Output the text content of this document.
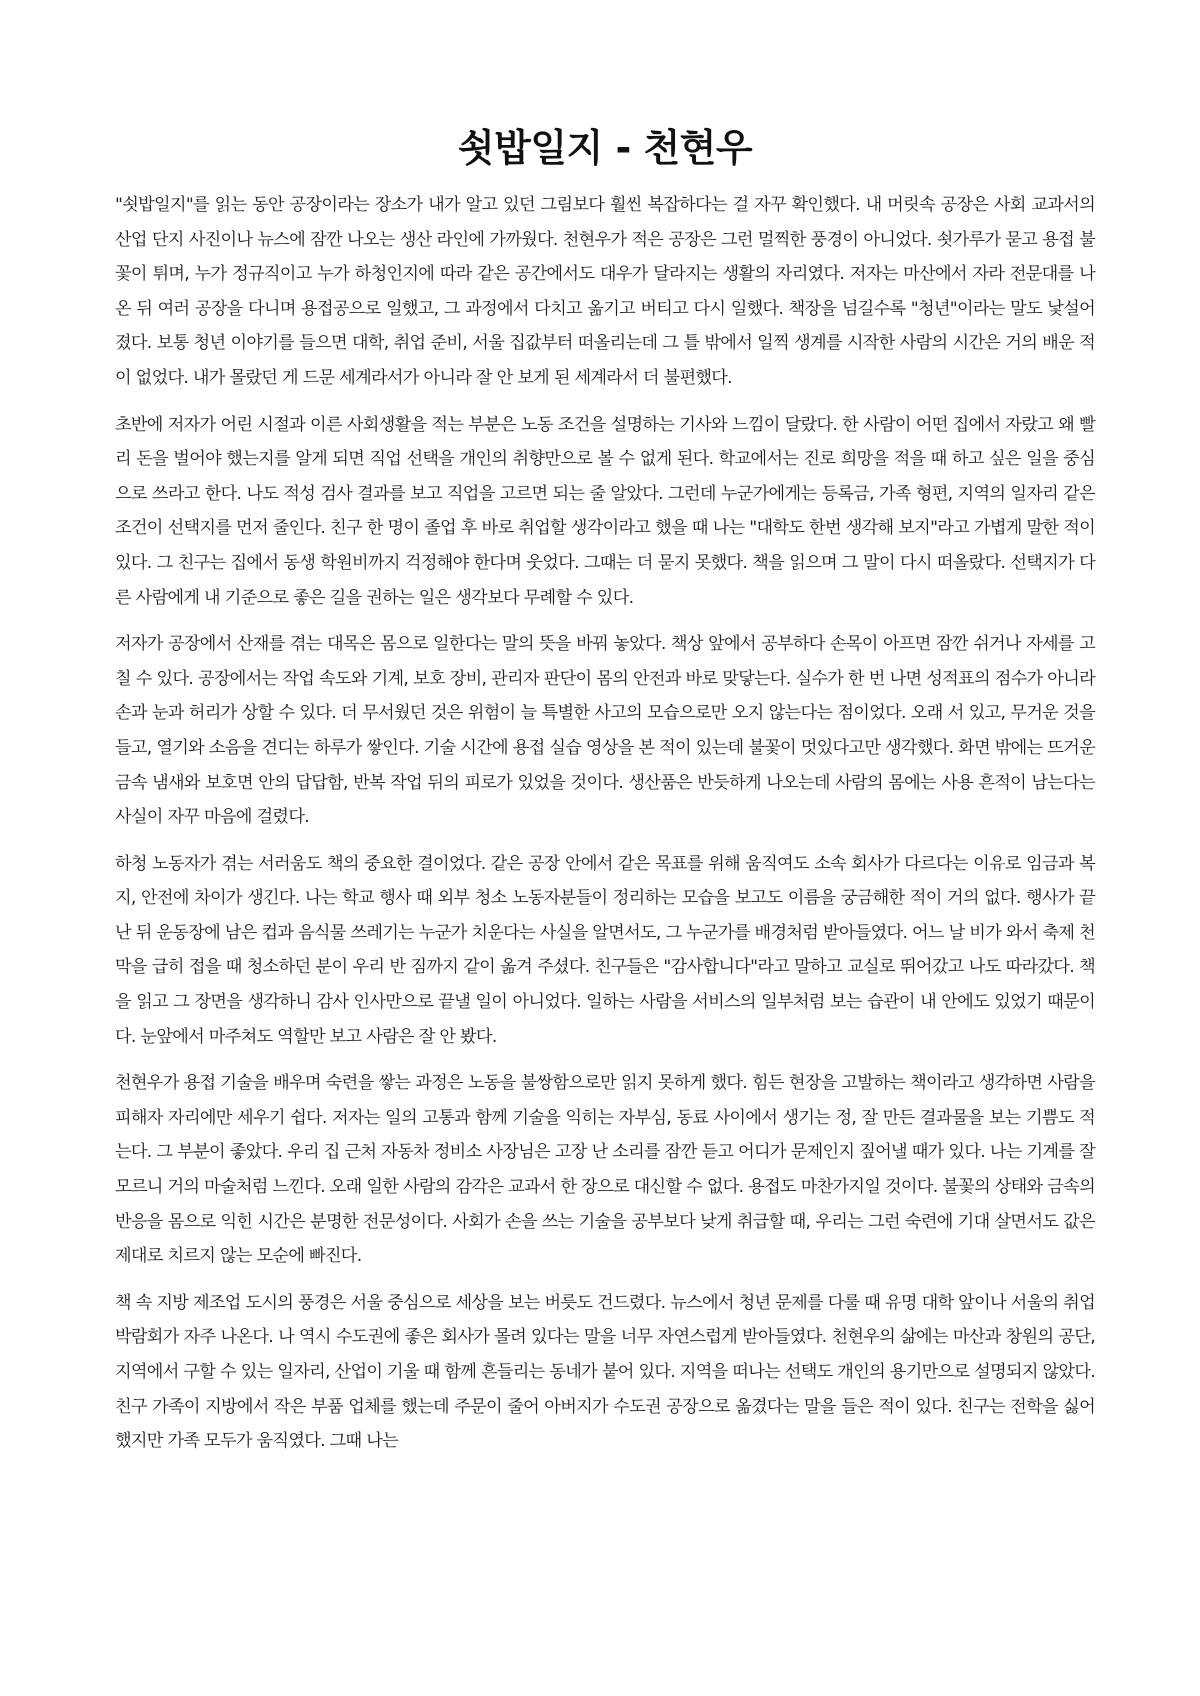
쇳밥일지 - 천현우

"쇳밥일지"를 읽는 동안 공장이라는 장소가 내가 알고 있던 그림보다 훨씬 복잡하다는 걸 자꾸 확인했다. 내 머릿속 공장은 사회 교과서의 산업 단지 사진이나 뉴스에 잠깐 나오는 생산 라인에 가까웠다. 천현우가 적은 공장은 그런 멀찍한 풍경이 아니었다. 쇳가루가 묻고 용접 불꽃이 튀며, 누가 정규직이고 누가 하청인지에 따라 같은 공간에서도 대우가 달라지는 생활의 자리였다. 저자는 마산에서 자라 전문대를 나온 뒤 여러 공장을 다니며 용접공으로 일했고, 그 과정에서 다치고 옮기고 버티고 다시 일했다. 책장을 넘길수록 "청년"이라는 말도 낯설어졌다. 보통 청년 이야기를 들으면 대학, 취업 준비, 서울 집값부터 떠올리는데 그 틀 밖에서 일찍 생계를 시작한 사람의 시간은 거의 배운 적이 없었다. 내가 몰랐던 게 드문 세계라서가 아니라 잘 안 보게 된 세계라서 더 불편했다.

초반에 저자가 어린 시절과 이른 사회생활을 적는 부분은 노동 조건을 설명하는 기사와 느낌이 달랐다. 한 사람이 어떤 집에서 자랐고 왜 빨리 돈을 벌어야 했는지를 알게 되면 직업 선택을 개인의 취향만으로 볼 수 없게 된다. 학교에서는 진로 희망을 적을 때 하고 싶은 일을 중심으로 쓰라고 한다. 나도 적성 검사 결과를 보고 직업을 고르면 되는 줄 알았다. 그런데 누군가에게는 등록금, 가족 형편, 지역의 일자리 같은 조건이 선택지를 먼저 줄인다. 친구 한 명이 졸업 후 바로 취업할 생각이라고 했을 때 나는 "대학도 한번 생각해 보지"라고 가볍게 말한 적이 있다. 그 친구는 집에서 동생 학원비까지 걱정해야 한다며 웃었다. 그때는 더 묻지 못했다. 책을 읽으며 그 말이 다시 떠올랐다. 선택지가 다른 사람에게 내 기준으로 좋은 길을 권하는 일은 생각보다 무례할 수 있다.

저자가 공장에서 산재를 겪는 대목은 몸으로 일한다는 말의 뜻을 바꿔 놓았다. 책상 앞에서 공부하다 손목이 아프면 잠깐 쉬거나 자세를 고칠 수 있다. 공장에서는 작업 속도와 기계, 보호 장비, 관리자 판단이 몸의 안전과 바로 맞닿는다. 실수가 한 번 나면 성적표의 점수가 아니라 손과 눈과 허리가 상할 수 있다. 더 무서웠던 것은 위험이 늘 특별한 사고의 모습으로만 오지 않는다는 점이었다. 오래 서 있고, 무거운 것을 들고, 열기와 소음을 견디는 하루가 쌓인다. 기술 시간에 용접 실습 영상을 본 적이 있는데 불꽃이 멋있다고만 생각했다. 화면 밖에는 뜨거운 금속 냄새와 보호면 안의 답답함, 반복 작업 뒤의 피로가 있었을 것이다. 생산품은 반듯하게 나오는데 사람의 몸에는 사용 흔적이 남는다는 사실이 자꾸 마음에 걸렸다.

하청 노동자가 겪는 서러움도 책의 중요한 결이었다. 같은 공장 안에서 같은 목표를 위해 움직여도 소속 회사가 다르다는 이유로 임금과 복지, 안전에 차이가 생긴다. 나는 학교 행사 때 외부 청소 노동자분들이 정리하는 모습을 보고도 이름을 궁금해한 적이 거의 없다. 행사가 끝난 뒤 운동장에 남은 컵과 음식물 쓰레기는 누군가 치운다는 사실을 알면서도, 그 누군가를 배경처럼 받아들였다. 어느 날 비가 와서 축제 천막을 급히 접을 때 청소하던 분이 우리 반 짐까지 같이 옮겨 주셨다. 친구들은 "감사합니다"라고 말하고 교실로 뛰어갔고 나도 따라갔다. 책을 읽고 그 장면을 생각하니 감사 인사만으로 끝낼 일이 아니었다. 일하는 사람을 서비스의 일부처럼 보는 습관이 내 안에도 있었기 때문이다. 눈앞에서 마주쳐도 역할만 보고 사람은 잘 안 봤다.

천현우가 용접 기술을 배우며 숙련을 쌓는 과정은 노동을 불쌍함으로만 읽지 못하게 했다. 힘든 현장을 고발하는 책이라고 생각하면 사람을 피해자 자리에만 세우기 쉽다. 저자는 일의 고통과 함께 기술을 익히는 자부심, 동료 사이에서 생기는 정, 잘 만든 결과물을 보는 기쁨도 적는다. 그 부분이 좋았다. 우리 집 근처 자동차 정비소 사장님은 고장 난 소리를 잠깐 듣고 어디가 문제인지 짚어낼 때가 있다. 나는 기계를 잘 모르니 거의 마술처럼 느낀다. 오래 일한 사람의 감각은 교과서 한 장으로 대신할 수 없다. 용접도 마찬가지일 것이다. 불꽃의 상태와 금속의 반응을 몸으로 익힌 시간은 분명한 전문성이다. 사회가 손을 쓰는 기술을 공부보다 낮게 취급할 때, 우리는 그런 숙련에 기대 살면서도 값은 제대로 치르지 않는 모순에 빠진다.

책 속 지방 제조업 도시의 풍경은 서울 중심으로 세상을 보는 버릇도 건드렸다. 뉴스에서 청년 문제를 다룰 때 유명 대학 앞이나 서울의 취업 박람회가 자주 나온다. 나 역시 수도권에 좋은 회사가 몰려 있다는 말을 너무 자연스럽게 받아들였다. 천현우의 삶에는 마산과 창원의 공단, 지역에서 구할 수 있는 일자리, 산업이 기울 때 함께 흔들리는 동네가 붙어 있다. 지역을 떠나는 선택도 개인의 용기만으로 설명되지 않았다. 친구 가족이 지방에서 작은 부품 업체를 했는데 주문이 줄어 아버지가 수도권 공장으로 옮겼다는 말을 들은 적이 있다. 친구는 전학을 싫어했지만 가족 모두가 움직였다. 그때 나는
